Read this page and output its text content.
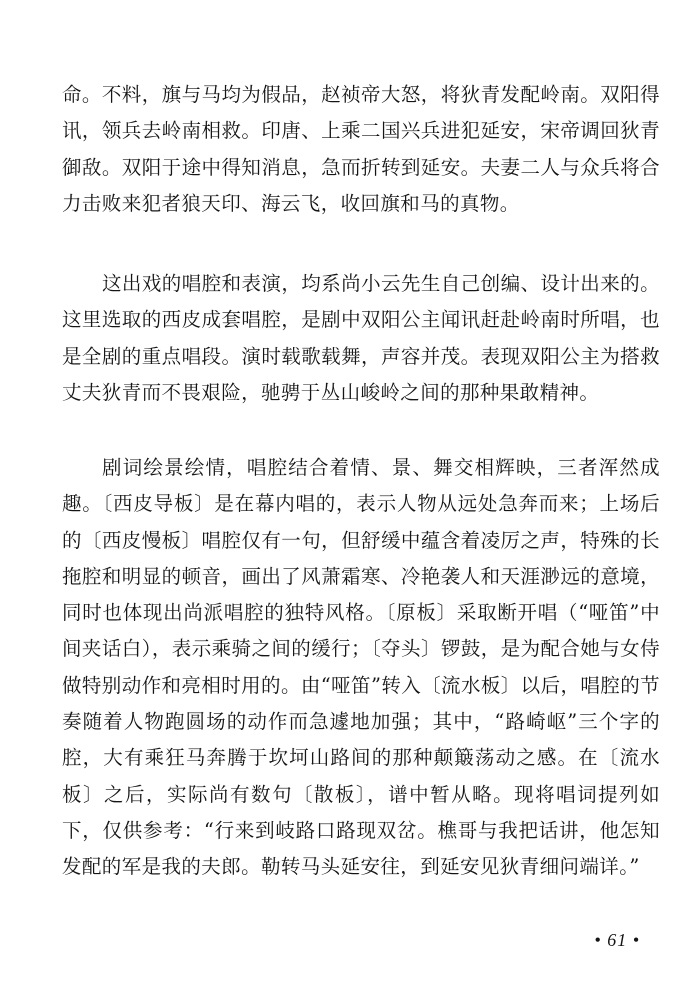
命。不料，旗与马均为假品，赵祯帝大怒，将狄青发配岭南。双阳得讯，领兵去岭南相救。印唐、上乘二国兴兵进犯延安，宋帝调回狄青御敌。双阳于途中得知消息，急而折转到延安。夫妻二人与众兵将合力击败来犯者狼天印、海云飞，收回旗和马的真物。

这出戏的唱腔和表演，均系尚小云先生自己创编、设计出来的。这里选取的西皮成套唱腔，是剧中双阳公主闻讯赶赴岭南时所唱，也是全剧的重点唱段。演时载歌载舞，声容并茂。表现双阳公主为搭救丈夫狄青而不畏艰险，驰骋于丛山峻岭之间的那种果敢精神。

剧词绘景绘情，唱腔结合着情、景、舞交相辉映，三者浑然成趣。〔西皮导板〕是在幕内唱的，表示人物从远处急奔而来；上场后的〔西皮慢板〕唱腔仅有一句，但舒缓中蕴含着凌厉之声，特殊的长拖腔和明显的顿音，画出了风萧霜寒、冷艳袭人和天涯渺远的意境，同时也体现出尚派唱腔的独特风格。〔原板〕采取断开唱（“哑笛”中间夹话白），表示乘骑之间的缓行；〔夺头〕锣鼓，是为配合她与女侍做特别动作和亮相时用的。由“哑笛”转入〔流水板〕以后，唱腔的节奏随着人物跑圆场的动作而急遽地加强；其中，“路崎岖”三个字的腔，大有乘狂马奔腾于坎坷山路间的那种颠簸荡动之感。在〔流水板〕之后，实际尚有数句〔散板〕，谱中暂从略。现将唱词提列如下，仅供参考：“行来到岐路口路现双岔。樵哥与我把话讲，他怎知发配的军是我的夫郎。勒转马头延安往，到延安见狄青细问端详。”

• 61 •
